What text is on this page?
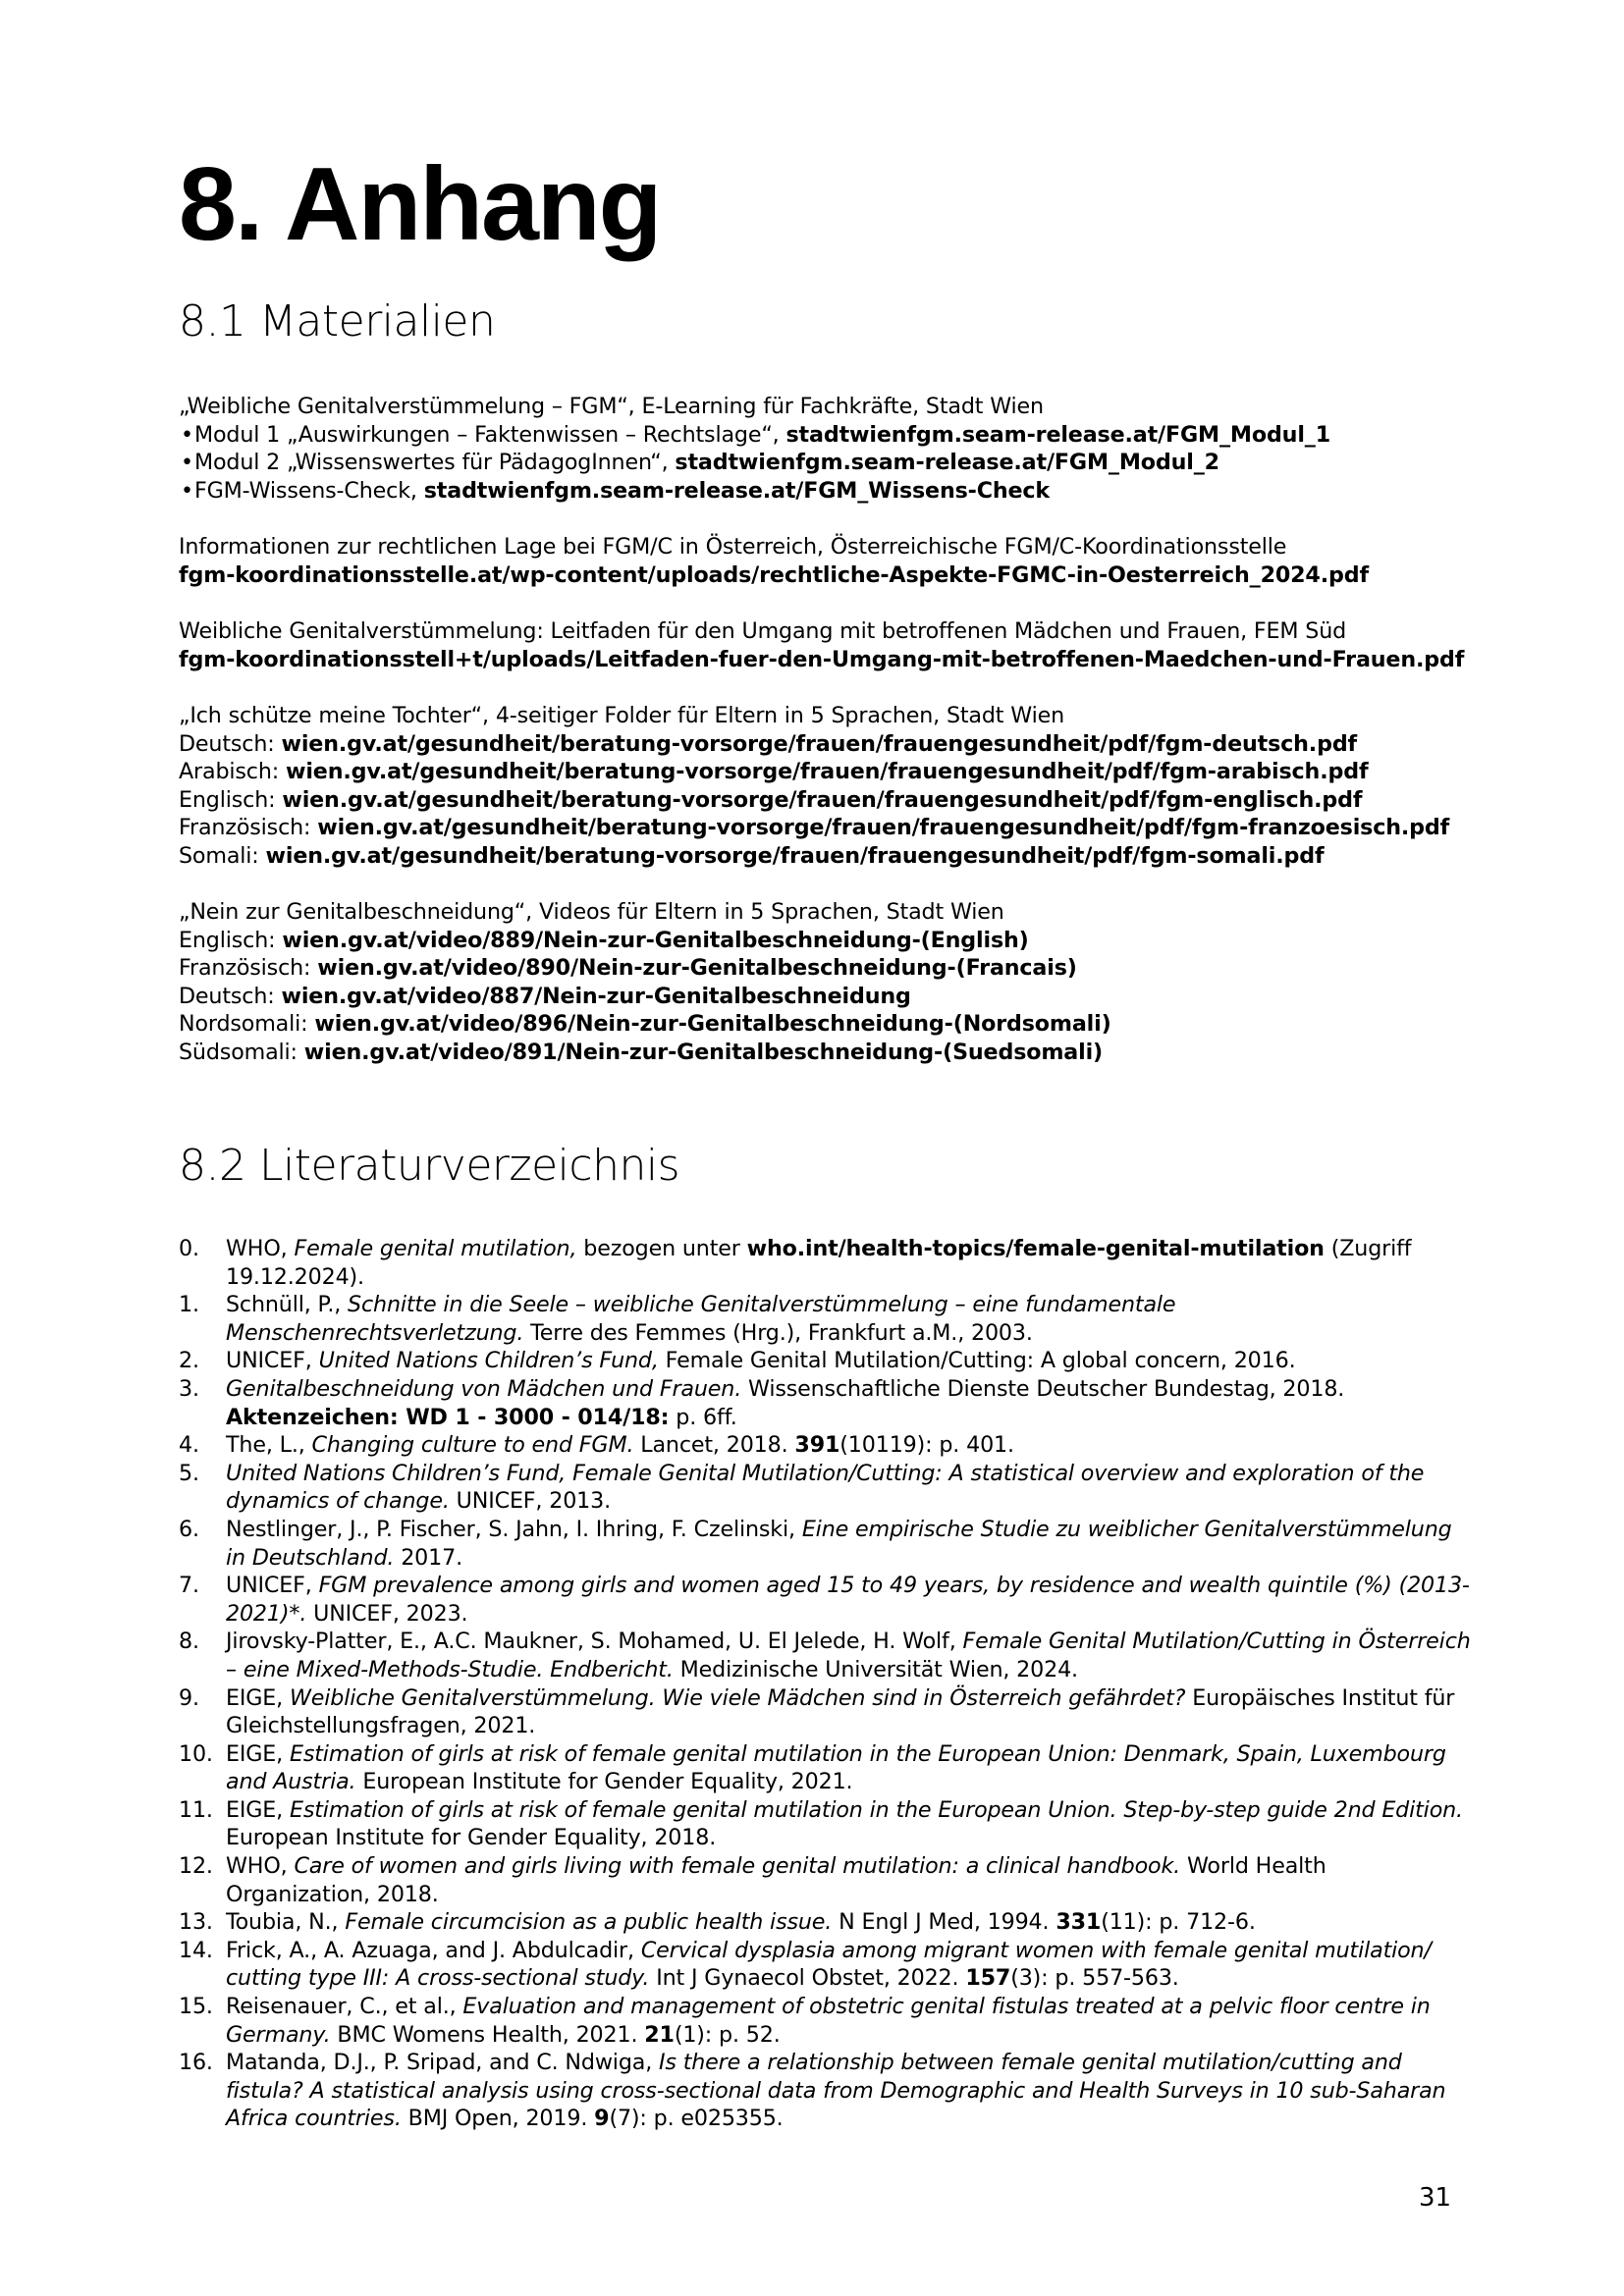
8. Anhang
8.1 Materialien
„Weibliche Genitalverstümmelung – FGM“, E-Learning für Fachkräfte, Stadt Wien
•Modul 1 „Auswirkungen – Faktenwissen – Rechtslage“, stadtwienfgm.seam-release.at/FGM_Modul_1
•Modul 2 „Wissenswertes für PädagogInnen“, stadtwienfgm.seam-release.at/FGM_Modul_2
•FGM-Wissens-Check, stadtwienfgm.seam-release.at/FGM_Wissens-Check
Informationen zur rechtlichen Lage bei FGM/C in Österreich, Österreichische FGM/C-Koordinationsstelle
fgm-koordinationsstelle.at/wp-content/uploads/rechtliche-Aspekte-FGMC-in-Oesterreich_2024.pdf
Weibliche Genitalverstümmelung: Leitfaden für den Umgang mit betroffenen Mädchen und Frauen, FEM Süd
fgm-koordinationsstell+t/uploads/Leitfaden-fuer-den-Umgang-mit-betroffenen-Maedchen-und-Frauen.pdf
„Ich schütze meine Tochter“, 4-seitiger Folder für Eltern in 5 Sprachen, Stadt Wien
Deutsch: wien.gv.at/gesundheit/beratung-vorsorge/frauen/frauengesundheit/pdf/fgm-deutsch.pdf
Arabisch: wien.gv.at/gesundheit/beratung-vorsorge/frauen/frauengesundheit/pdf/fgm-arabisch.pdf
Englisch: wien.gv.at/gesundheit/beratung-vorsorge/frauen/frauengesundheit/pdf/fgm-englisch.pdf
Französisch: wien.gv.at/gesundheit/beratung-vorsorge/frauen/frauengesundheit/pdf/fgm-franzoesisch.pdf
Somali: wien.gv.at/gesundheit/beratung-vorsorge/frauen/frauengesundheit/pdf/fgm-somali.pdf
„Nein zur Genitalbeschneidung“, Videos für Eltern in 5 Sprachen, Stadt Wien
Englisch: wien.gv.at/video/889/Nein-zur-Genitalbeschneidung-(English)
Französisch: wien.gv.at/video/890/Nein-zur-Genitalbeschneidung-(Francais)
Deutsch: wien.gv.at/video/887/Nein-zur-Genitalbeschneidung
Nordsomali: wien.gv.at/video/896/Nein-zur-Genitalbeschneidung-(Nordsomali)
Südsomali: wien.gv.at/video/891/Nein-zur-Genitalbeschneidung-(Suedsomali)
8.2 Literaturverzeichnis
0. WHO, Female genital mutilation, bezogen unter who.int/health-topics/female-genital-mutilation (Zugriff 19.12.2024).
1. Schnüll, P., Schnitte in die Seele – weibliche Genitalverstümmelung – eine fundamentale Menschenrechtsverletzung. Terre des Femmes (Hrg.), Frankfurt a.M., 2003.
2. UNICEF, United Nations Children’s Fund, Female Genital Mutilation/Cutting: A global concern, 2016.
3. Genitalbeschneidung von Mädchen und Frauen. Wissenschaftliche Dienste Deutscher Bundestag, 2018. Aktenzeichen: WD 1 - 3000 - 014/18: p. 6ff.
4. The, L., Changing culture to end FGM. Lancet, 2018. 391(10119): p. 401.
5. United Nations Children’s Fund, Female Genital Mutilation/Cutting: A statistical overview and exploration of the dynamics of change. UNICEF, 2013.
6. Nestlinger, J., P. Fischer, S. Jahn, I. Ihring, F. Czelinski, Eine empirische Studie zu weiblicher Genitalverstümmelung in Deutschland. 2017.
7. UNICEF, FGM prevalence among girls and women aged 15 to 49 years, by residence and wealth quintile (%) (2013-2021)*. UNICEF, 2023.
8. Jirovsky-Platter, E., A.C. Maukner, S. Mohamed, U. El Jelede, H. Wolf, Female Genital Mutilation/Cutting in Österreich – eine Mixed-Methods-Studie. Endbericht. Medizinische Universität Wien, 2024.
9. EIGE, Weibliche Genitalverstümmelung. Wie viele Mädchen sind in Österreich gefährdet? Europäisches Institut für Gleichstellungsfragen, 2021.
10. EIGE, Estimation of girls at risk of female genital mutilation in the European Union: Denmark, Spain, Luxembourg and Austria. European Institute for Gender Equality, 2021.
11. EIGE, Estimation of girls at risk of female genital mutilation in the European Union. Step-by-step guide 2nd Edition. European Institute for Gender Equality, 2018.
12. WHO, Care of women and girls living with female genital mutilation: a clinical handbook. World Health Organization, 2018.
13. Toubia, N., Female circumcision as a public health issue. N Engl J Med, 1994. 331(11): p. 712-6.
14. Frick, A., A. Azuaga, and J. Abdulcadir, Cervical dysplasia among migrant women with female genital mutilation/ cutting type III: A cross-sectional study. Int J Gynaecol Obstet, 2022. 157(3): p. 557-563.
15. Reisenauer, C., et al., Evaluation and management of obstetric genital fistulas treated at a pelvic floor centre in Germany. BMC Womens Health, 2021. 21(1): p. 52.
16. Matanda, D.J., P. Sripad, and C. Ndwiga, Is there a relationship between female genital mutilation/cutting and fistula? A statistical analysis using cross-sectional data from Demographic and Health Surveys in 10 sub-Saharan Africa countries. BMJ Open, 2019. 9(7): p. e025355.
31
